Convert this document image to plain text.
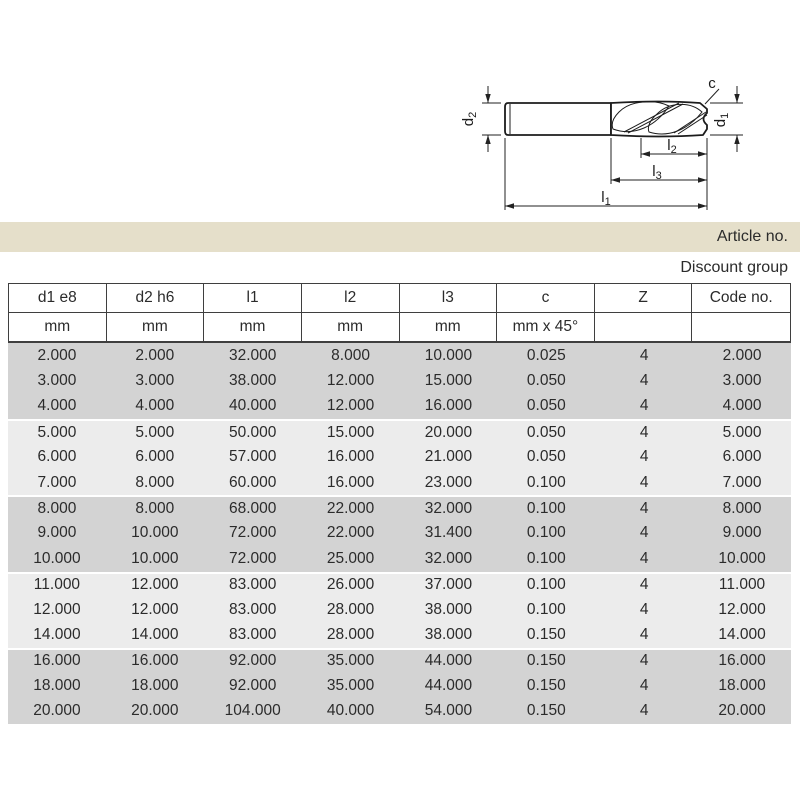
$d_2$
$d_1$
c
$l_2$
$l_3$
$l_1$
Article no.
Discount group
d1 e8	d2 h6	l1	l2	l3	c	Z	Code no.
mm	mm	mm	mm	mm	mm x 45°
2.000	2.000	32.000	8.000	10.000	0.025	4	2.000
3.000	3.000	38.000	12.000	15.000	0.050	4	3.000
4.000	4.000	40.000	12.000	16.000	0.050	4	4.000
5.000	5.000	50.000	15.000	20.000	0.050	4	5.000
6.000	6.000	57.000	16.000	21.000	0.050	4	6.000
7.000	8.000	60.000	16.000	23.000	0.100	4	7.000
8.000	8.000	68.000	22.000	32.000	0.100	4	8.000
9.000	10.000	72.000	22.000	31.400	0.100	4	9.000
10.000	10.000	72.000	25.000	32.000	0.100	4	10.000
11.000	12.000	83.000	26.000	37.000	0.100	4	11.000
12.000	12.000	83.000	28.000	38.000	0.100	4	12.000
14.000	14.000	83.000	28.000	38.000	0.150	4	14.000
16.000	16.000	92.000	35.000	44.000	0.150	4	16.000
18.000	18.000	92.000	35.000	44.000	0.150	4	18.000
20.000	20.000	104.000	40.000	54.000	0.150	4	20.000
